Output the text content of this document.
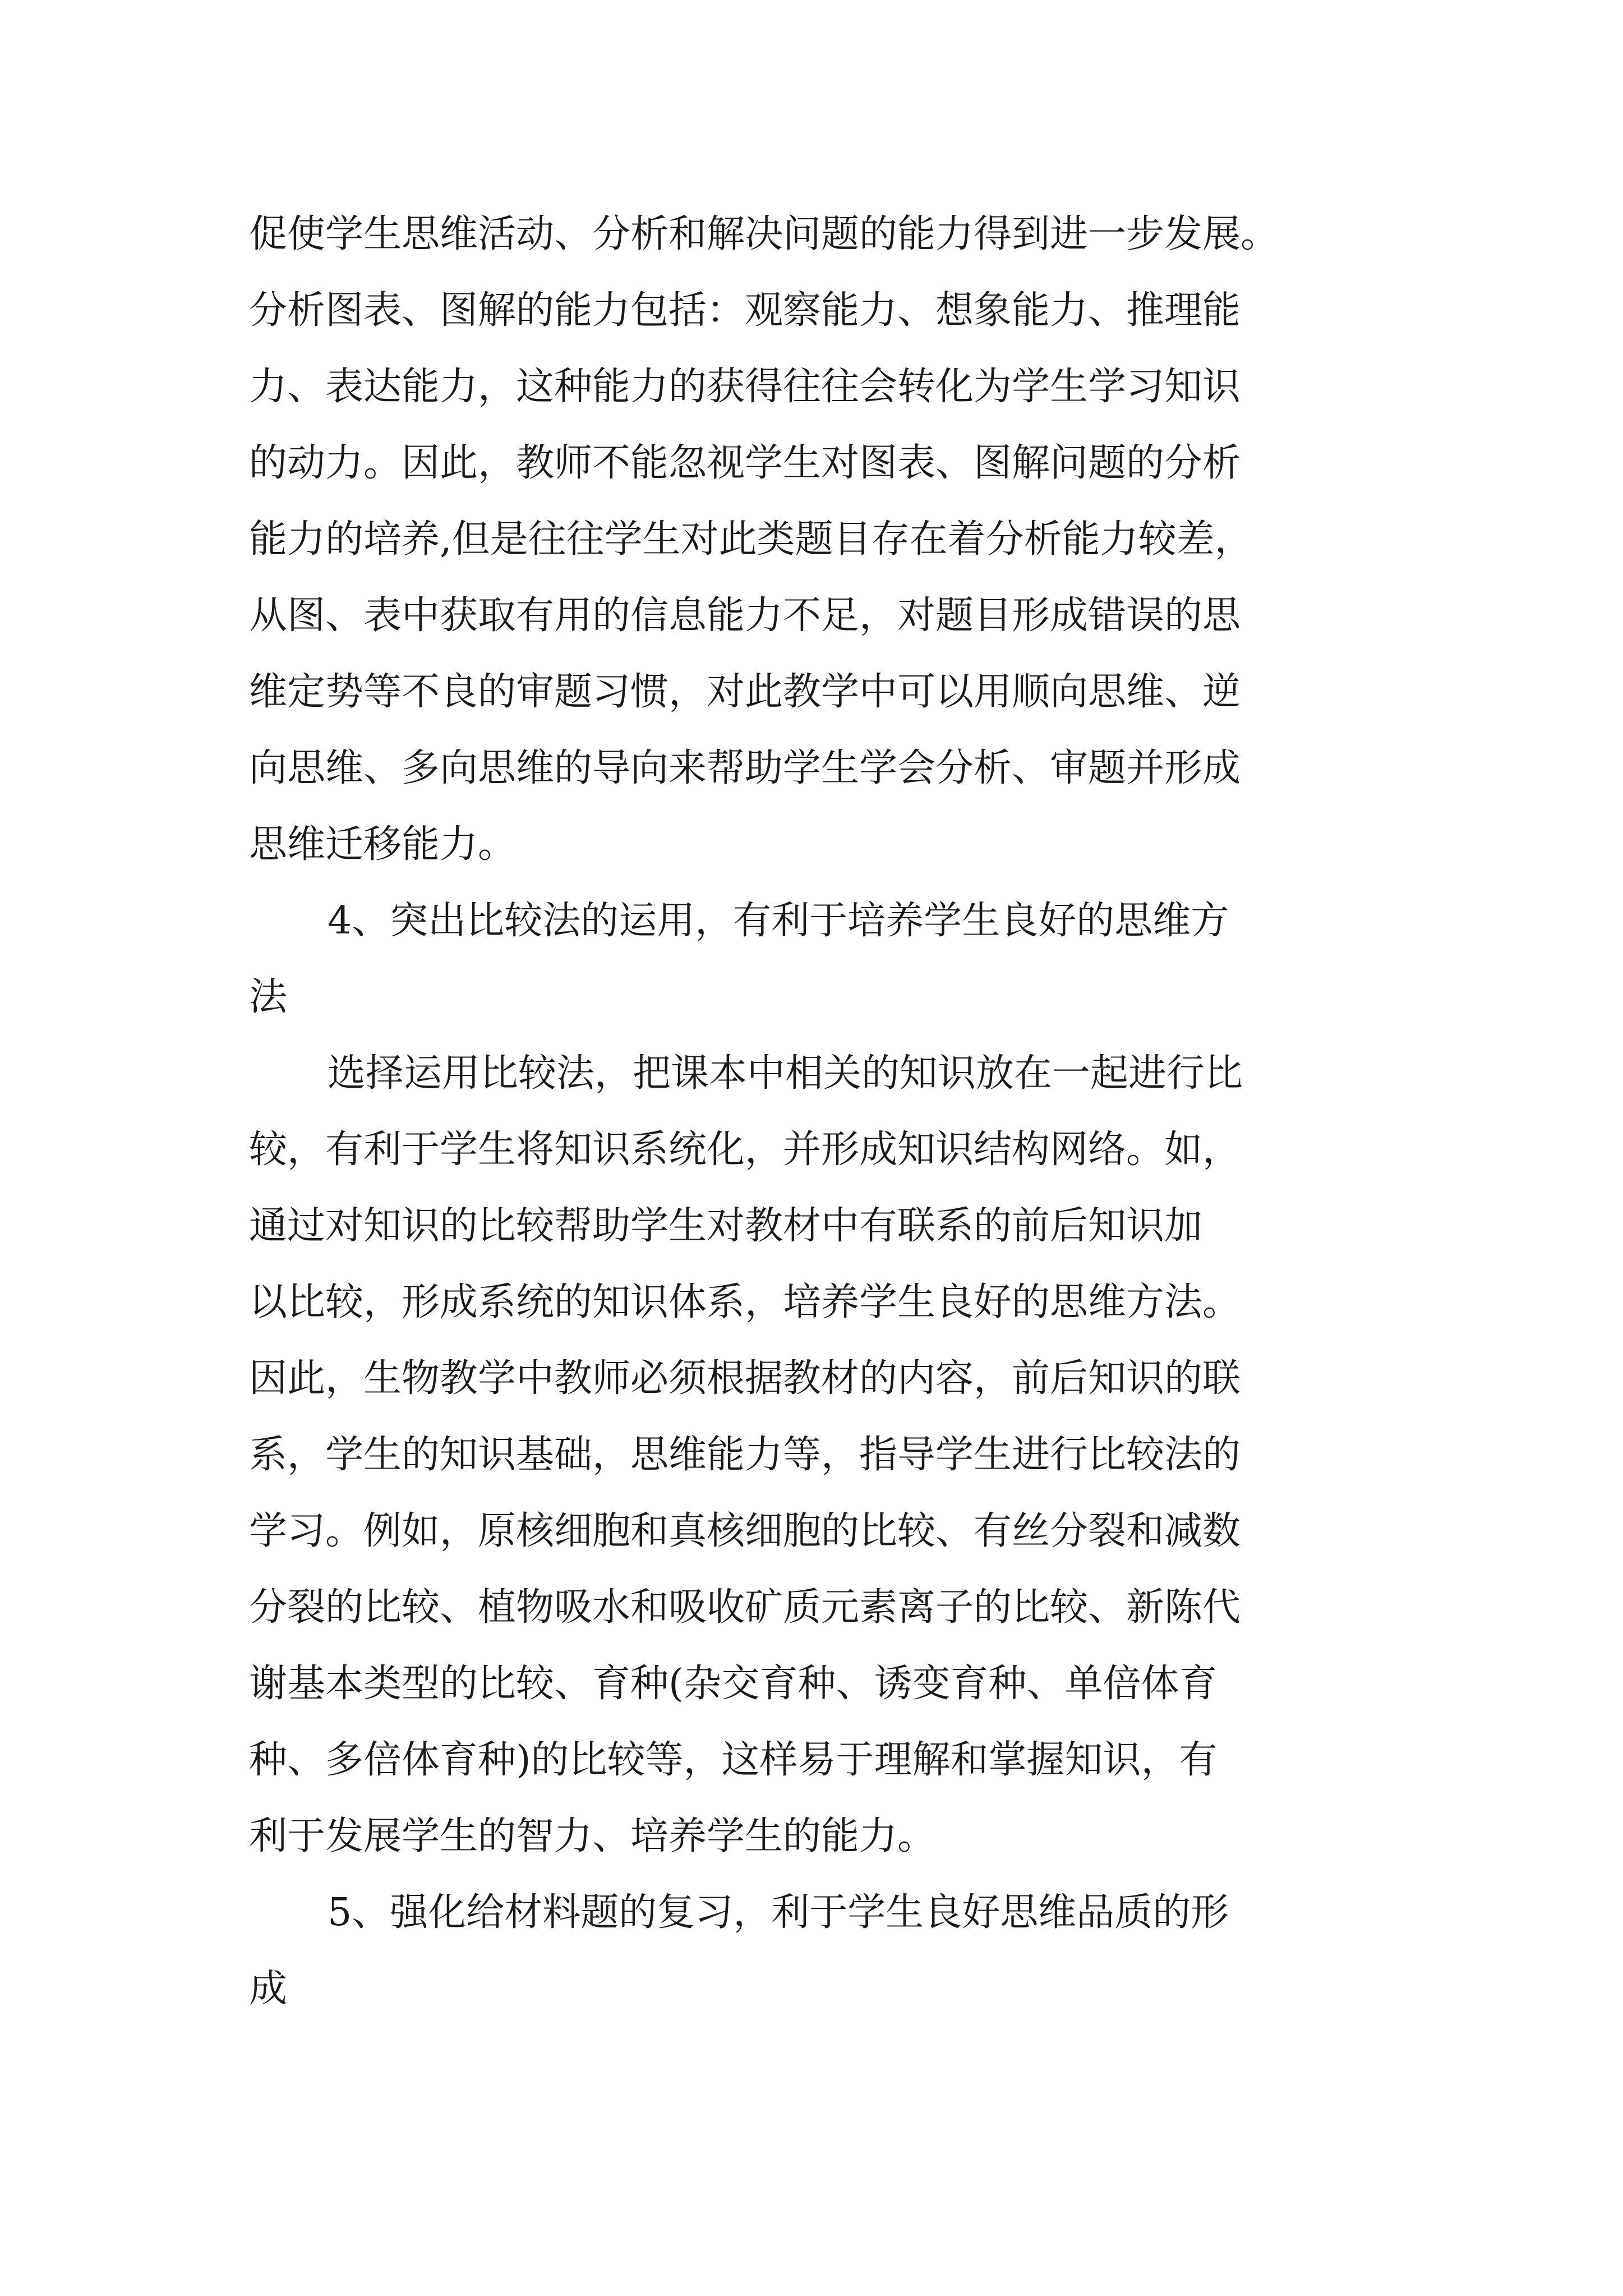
促使学生思维活动、分析和解决问题的能力得到进一步发展。
分析图表、图解的能力包括：观察能力、想象能力、推理能
力、表达能力，这种能力的获得往往会转化为学生学习知识
的动力。因此，教师不能忽视学生对图表、图解问题的分析
能力的培养,但是往往学生对此类题目存在着分析能力较差，
从图、表中获取有用的信息能力不足，对题目形成错误的思
维定势等不良的审题习惯，对此教学中可以用顺向思维、逆
向思维、多向思维的导向来帮助学生学会分析、审题并形成
思维迁移能力。
4、突出比较法的运用，有利于培养学生良好的思维方
法
选择运用比较法，把课本中相关的知识放在一起进行比
较，有利于学生将知识系统化，并形成知识结构网络。如，
通过对知识的比较帮助学生对教材中有联系的前后知识加
以比较，形成系统的知识体系，培养学生良好的思维方法。
因此，生物教学中教师必须根据教材的内容，前后知识的联
系，学生的知识基础，思维能力等，指导学生进行比较法的
学习。例如，原核细胞和真核细胞的比较、有丝分裂和减数
分裂的比较、植物吸水和吸收矿质元素离子的比较、新陈代
谢基本类型的比较、育种(杂交育种、诱变育种、单倍体育
种、多倍体育种)的比较等，这样易于理解和掌握知识，有
利于发展学生的智力、培养学生的能力。
5、强化给材料题的复习，利于学生良好思维品质的形
成
